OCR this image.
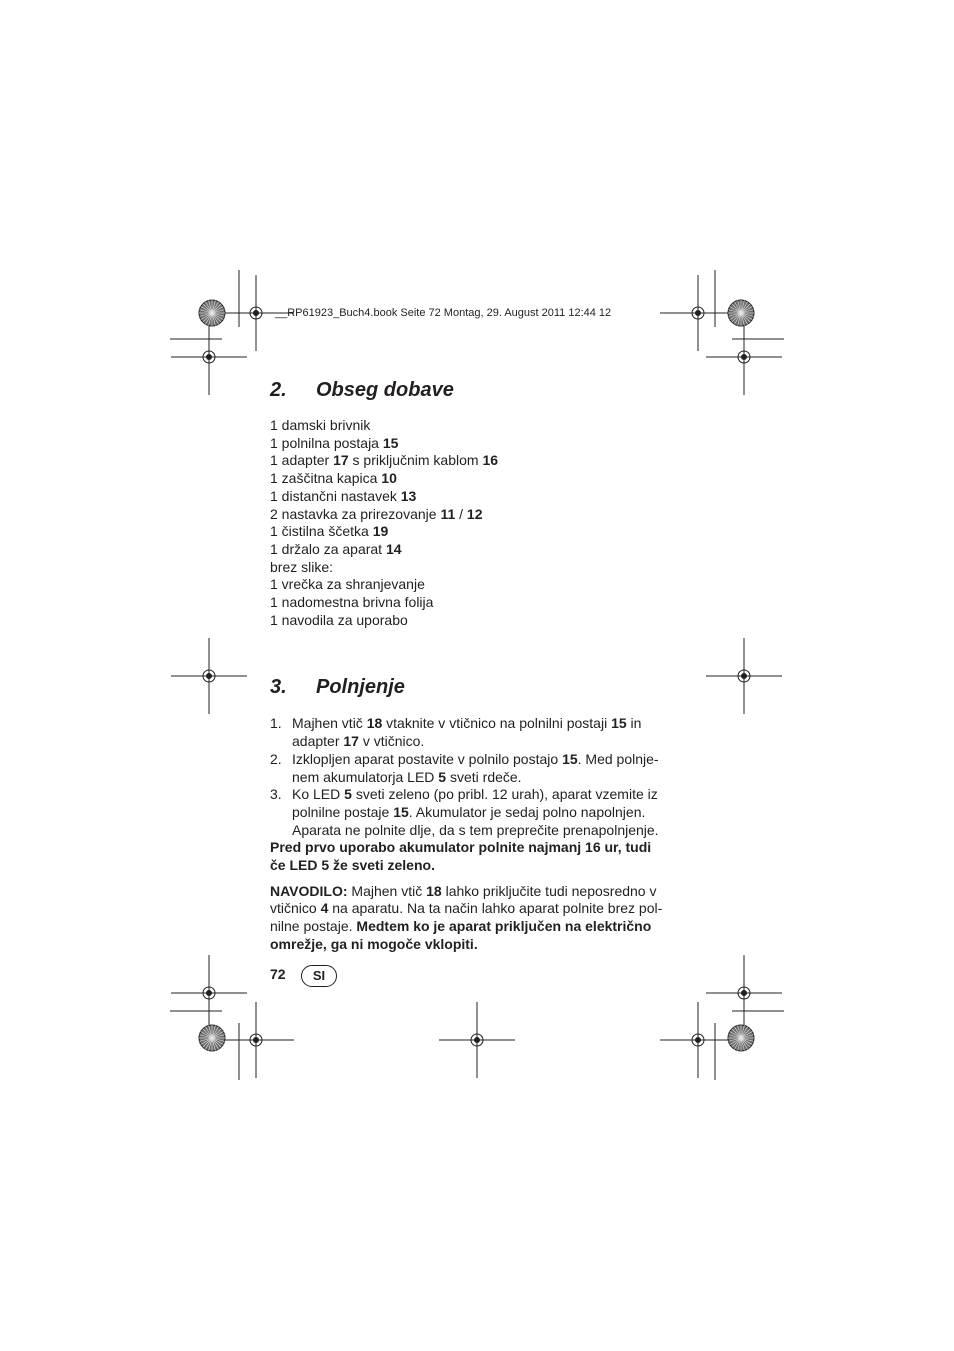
__RP61923_Buch4.book Seite 72 Montag, 29. August 2011 12:44 12
2. Obseg dobave
1 damski brivnik
1 polnilna postaja 15
1 adapter 17 s priključnim kablom 16
1 zaščitna kapica 10
1 distančni nastavek 13
2 nastavka za prirezovanje 11 / 12
1 čistilna ščetka 19
1 držalo za aparat 14
brez slike:
1 vrečka za shranjevanje
1 nadomestna brivna folija
1 navodila za uporabo
3. Polnjenje
1. Majhen vtič 18 vtaknite v vtičnico na polnilni postaji 15 in
adapter 17 v vtičnico.
2. Izklopljen aparat postavite v polnilo postajo 15. Med polnje-
nem akumulatorja LED 5 sveti rdeče.
3. Ko LED 5 sveti zeleno (po pribl. 12 urah), aparat vzemite iz
polnilne postaje 15. Akumulator je sedaj polno napolnjen.
Aparata ne polnite dlje, da s tem preprečite prenapolnjenje.
Pred prvo uporabo akumulator polnite najmanj 16 ur, tudi
če LED 5 že sveti zeleno.
NAVODILO: Majhen vtič 18 lahko priključite tudi neposredno v
vtičnico 4 na aparatu. Na ta način lahko aparat polnite brez pol-
nilne postaje. Medtem ko je aparat priključen na električno
omrežje, ga ni mogoče vklopiti.
72	SI
